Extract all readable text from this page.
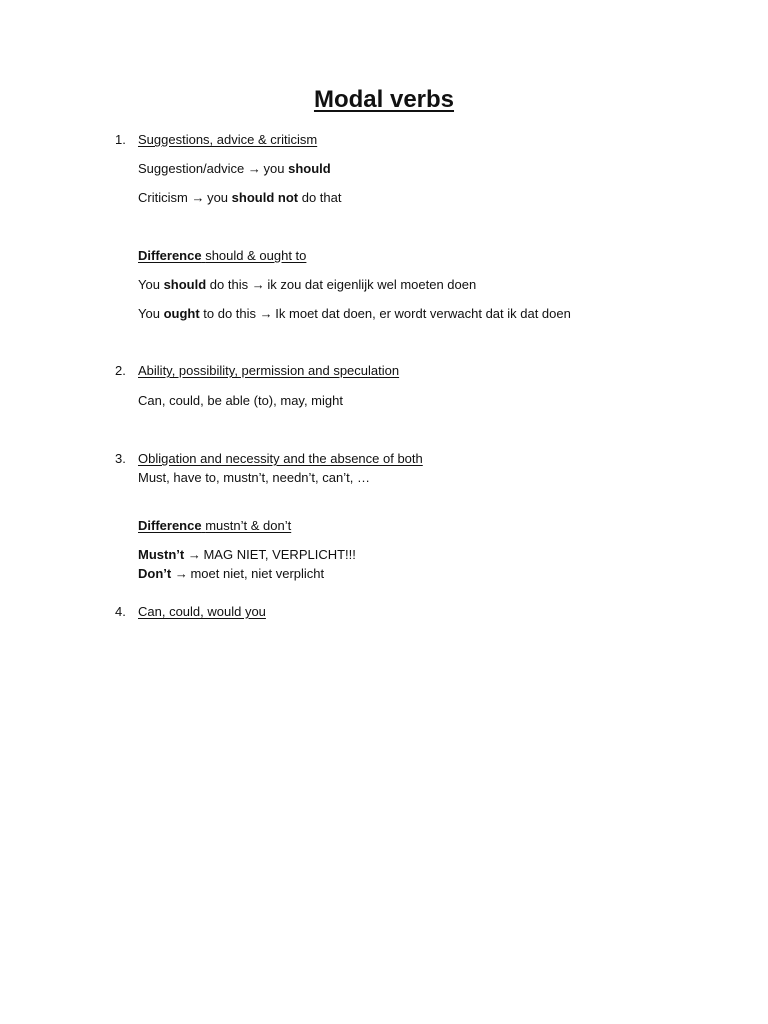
Modal verbs
1. Suggestions, advice & criticism
Suggestion/advice → you should
Criticism → you should not do that
Difference should & ought to
You should do this → ik zou dat eigenlijk wel moeten doen
You ought to do this → Ik moet dat doen, er wordt verwacht dat ik dat doen
2. Ability, possibility, permission and speculation
Can, could, be able (to), may, might
3. Obligation and necessity and the absence of both
Must, have to, mustn’t, needn’t, can’t, …
Difference mustn’t & don’t
Mustn’t → MAG NIET, VERPLICHT!!!
Don’t → moet niet, niet verplicht
4. Can, could, would you
